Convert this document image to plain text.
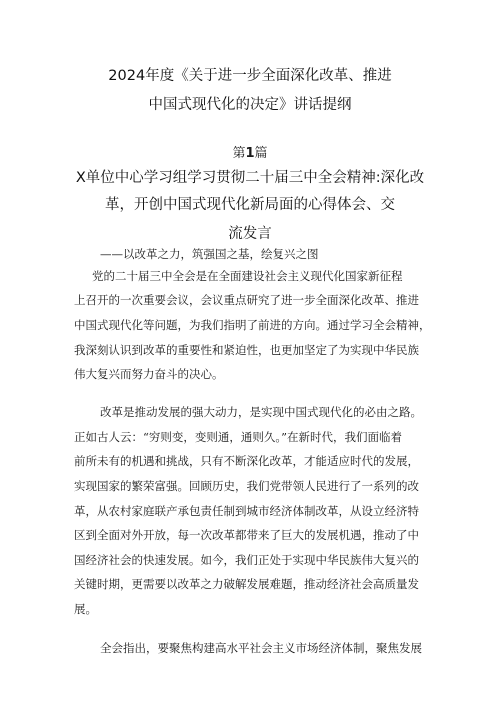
2024年度《关于进一步全面深化改革、推进

中国式现代化的决定》讲话提纲

第1篇

X单位中心学习组学习贯彻二十届三中全会精神:深化改

革，开创中国式现代化新局面的心得体会、交

流发言

——以改革之力，筑强国之基，绘复兴之图

党的二十届三中全会是在全面建设社会主义现代化国家新征程

上召开的一次重要会议，会议重点研究了进一步全面深化改革、推进

中国式现代化等问题，为我们指明了前进的方向。通过学习全会精神，

我深刻认识到改革的重要性和紧迫性，也更加坚定了为实现中华民族

伟大复兴而努力奋斗的决心。

改革是推动发展的强大动力，是实现中国式现代化的必由之路。

正如古人云：“穷则变，变则通，通则久。”在新时代，我们面临着

前所未有的机遇和挑战，只有不断深化改革，才能适应时代的发展，

实现国家的繁荣富强。回顾历史，我们党带领人民进行了一系列的改

革，从农村家庭联产承包责任制到城市经济体制改革，从设立经济特

区到全面对外开放，每一次改革都带来了巨大的发展机遇，推动了中

国经济社会的快速发展。如今，我们正处于实现中华民族伟大复兴的

关键时期，更需要以改革之力破解发展难题，推动经济社会高质量发

展。

全会指出，要聚焦构建高水平社会主义市场经济体制，聚焦发展
